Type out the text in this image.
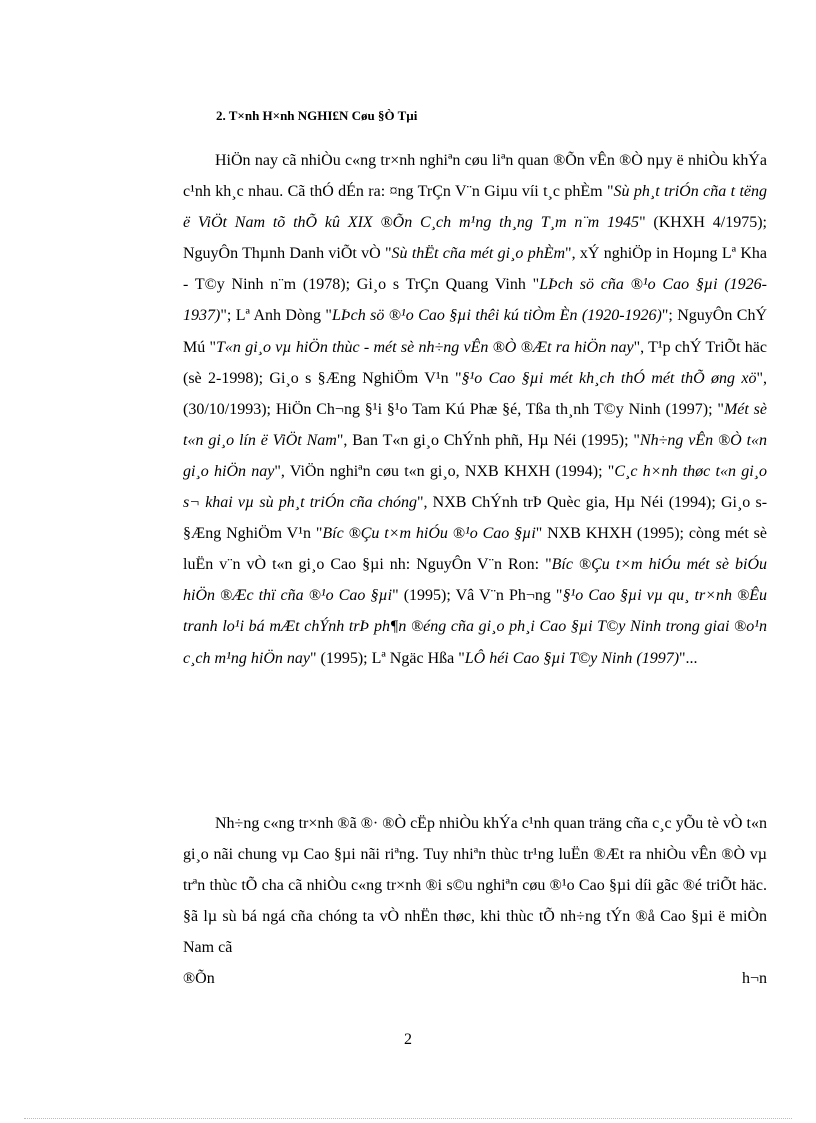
2. T×nh H×nh NGHI£N Cøu §Ò Tµi
HiÖn nay cã nhiÒu c«ng tr×nh nghiªn cøu liªn quan ®Õn vÊn ®Ò nµy ë nhiÒu khÝa c¹nh kh¸c nhau. Cã thÓ dÉn ra: ¤ng TrÇn V¨n Giµu víi t¸c phÈm "Sù ph¸t triÓn cña t tëng ë ViÖt Nam tõ thÕ kû XIX ®Õn C¸ch m¹ng th¸ng T¸m n¨m 1945" (KHXH 4/1975); NguyÔn Thµnh Danh viÕt vÒ "Sù thËt cña mét gi¸o phÈm", xÝ nghiÖp in Hoµng Lª Kha - T©y Ninh n¨m (1978); Gi¸o s TrÇn Quang Vinh "LÞch sö cña ®¹o Cao §µi (1926-1937)"; Lª Anh Dòng "LÞch sö ®¹o Cao §µi thêi kú tiÒm Èn (1920-1926)"; NguyÔn ChÝ Mú "T«n gi¸o vµ hiÖn thùc - mét sè nh÷ng vÊn ®Ò ®Æt ra hiÖn nay", T¹p chÝ TriÕt häc (sè 2-1998); Gi¸o s §Æng NghiÖm V¹n "§¹o Cao §µi mét kh¸ch thÓ mét thÕ øng xö", (30/10/1993); HiÖn Ch¬ng §¹i §¹o Tam Kú Phæ §é, Tßa th¸nh T©y Ninh (1997); "Mét sè t«n gi¸o lín ë ViÖt Nam", Ban T«n gi¸o ChÝnh phñ, Hµ Néi (1995); "Nh÷ng vÊn ®Ò t«n gi¸o hiÖn nay", ViÖn nghiªn cøu t«n gi¸o, NXB KHXH (1994); "C¸c h×nh thøc t«n gi¸o s¬ khai vµ sù ph¸t triÓn cña chóng", NXB ChÝnh trÞ Quèc gia, Hµ Néi (1994); Gi¸o s §Æng NghiÖm V¹n "Bíc ®Çu t×m hiÓu ®¹o Cao §µi" NXB KHXH (1995); còng mét sè luËn v¨n vÒ t«n gi¸o Cao §µi nh: NguyÔn V¨n Ron: "Bíc ®Çu t×m hiÓu mét sè biÓu hiÖn ®Æc thï cña ®¹o Cao §µi" (1995); Vâ V¨n Ph¬ng "§¹o Cao §µi vµ qu¸ tr×nh ®Êu tranh lo¹i bá mÆt chÝnh trÞ ph¶n ®éng cña gi¸o ph¸i Cao §µi T©y Ninh trong giai ®o¹n c¸ch m¹ng hiÖn nay" (1995); Lª Ngäc Hßa "LÔ héi Cao §µi T©y Ninh (1997)"...
Nh÷ng c«ng tr×nh ®ã ®· ®Ò cËp nhiÒu khÝa c¹nh quan träng cña c¸c yÕu tè vÒ t«n gi¸o nãi chung vµ Cao §µi nãi riªng. Tuy nhiªn thùc tr¹ng luËn ®Æt ra nhiÒu vÊn ®Ò vµ trªn thùc tÕ cha cã nhiÒu c«ng tr×nh ®i s©u nghiªn cøu ®¹o Cao §µi díi gãc ®é triÕt häc. §ã lµ sù bá ngá cña chóng ta vÒ nhËn thøc, khi thùc tÕ nh÷ng tÝn ®å Cao §µi ë miÒn Nam cã
®Õn	h¬n
2
